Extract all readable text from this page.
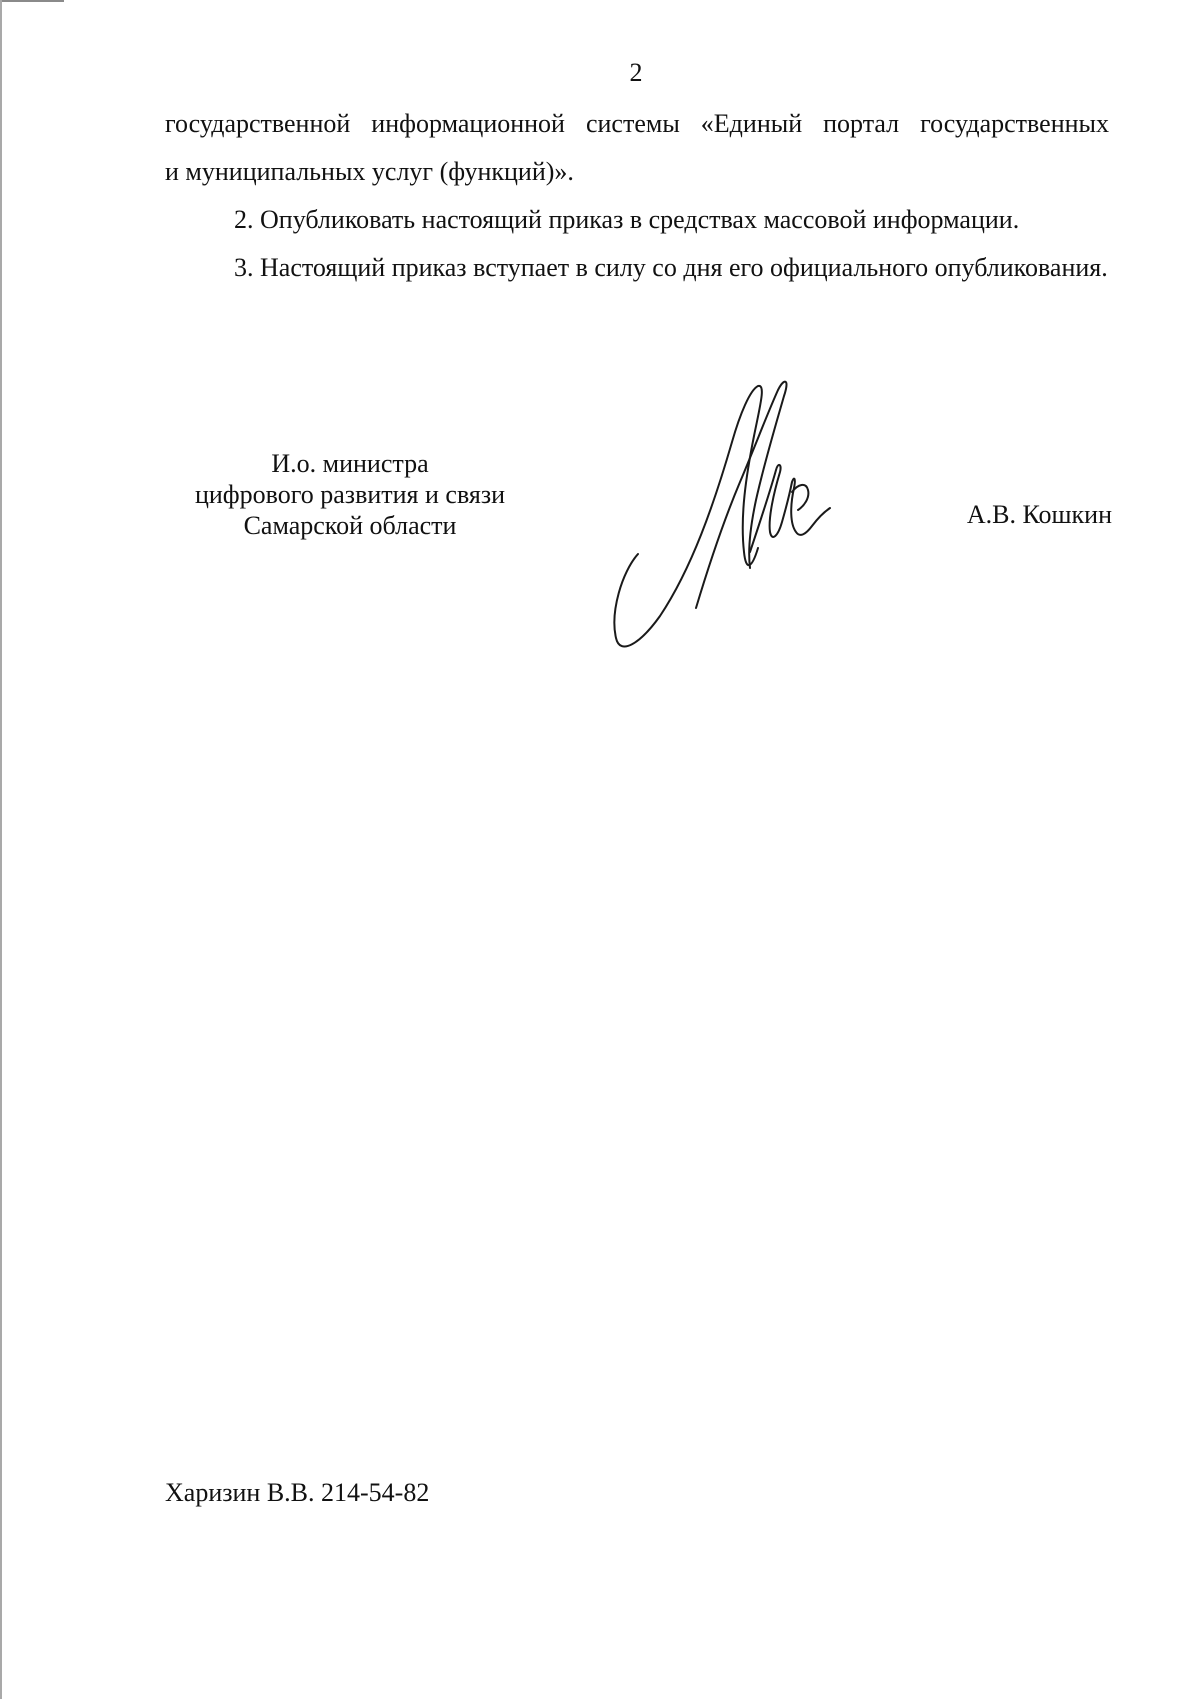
2
государственной информационной системы «Единый портал государственных
и муниципальных услуг (функций)».

2. Опубликовать настоящий приказ в средствах массовой информации.

3. Настоящий приказ вступает в силу со дня его официального опубликования.

И.о. министра
цифрового развития и связи
Самарской области	А.В. Кошкин
Харизин В.В. 214-54-82
